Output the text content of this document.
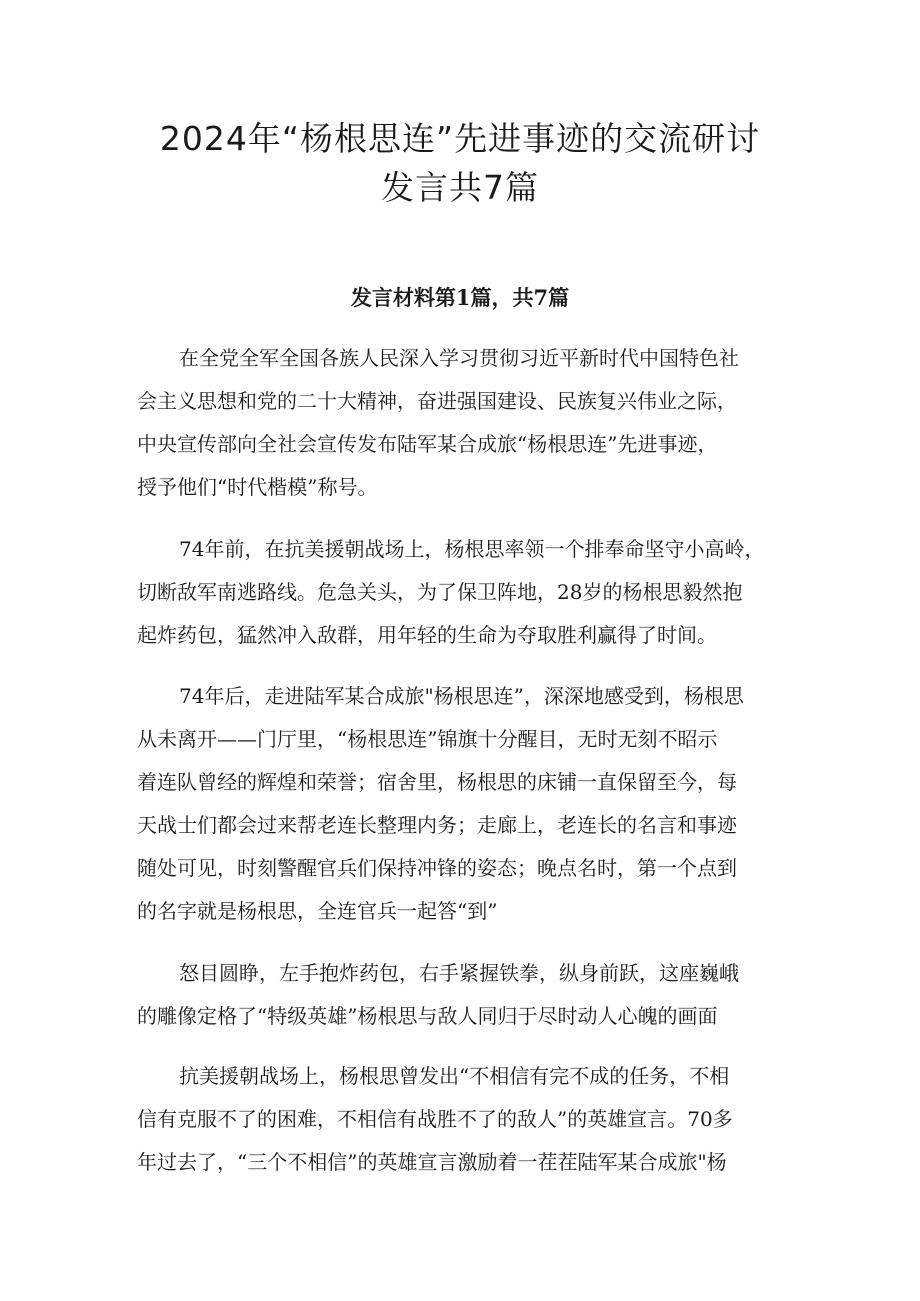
2024年“杨根思连”先进事迹的交流研讨
发言共7篇
发言材料第1篇，共7篇
在全党全军全国各族人民深入学习贯彻习近平新时代中国特色社
会主义思想和党的二十大精神，奋进强国建设、民族复兴伟业之际，
中央宣传部向全社会宣传发布陆军某合成旅“杨根思连”先进事迹，
授予他们“时代楷模”称号。
74年前，在抗美援朝战场上，杨根思率领一个排奉命坚守小高岭，
切断敌军南逃路线。危急关头，为了保卫阵地，28岁的杨根思毅然抱
起炸药包，猛然冲入敌群，用年轻的生命为夺取胜利赢得了时间。
74年后，走进陆军某合成旅"杨根思连”，深深地感受到，杨根思
从未离开——门厅里，“杨根思连”锦旗十分醒目，无时无刻不昭示
着连队曾经的辉煌和荣誉；宿舍里，杨根思的床铺一直保留至今，每
天战士们都会过来帮老连长整理内务；走廊上，老连长的名言和事迹
随处可见，时刻警醒官兵们保持冲锋的姿态；晚点名时，第一个点到
的名字就是杨根思，全连官兵一起答“到”
怒目圆睁，左手抱炸药包，右手紧握铁拳，纵身前跃，这座巍峨
的雕像定格了“特级英雄”杨根思与敌人同归于尽时动人心魄的画面
抗美援朝战场上，杨根思曾发出“不相信有完不成的任务，不相
信有克服不了的困难，不相信有战胜不了的敌人”的英雄宣言。70多
年过去了，“三个不相信”的英雄宣言激励着一茬茬陆军某合成旅"杨
